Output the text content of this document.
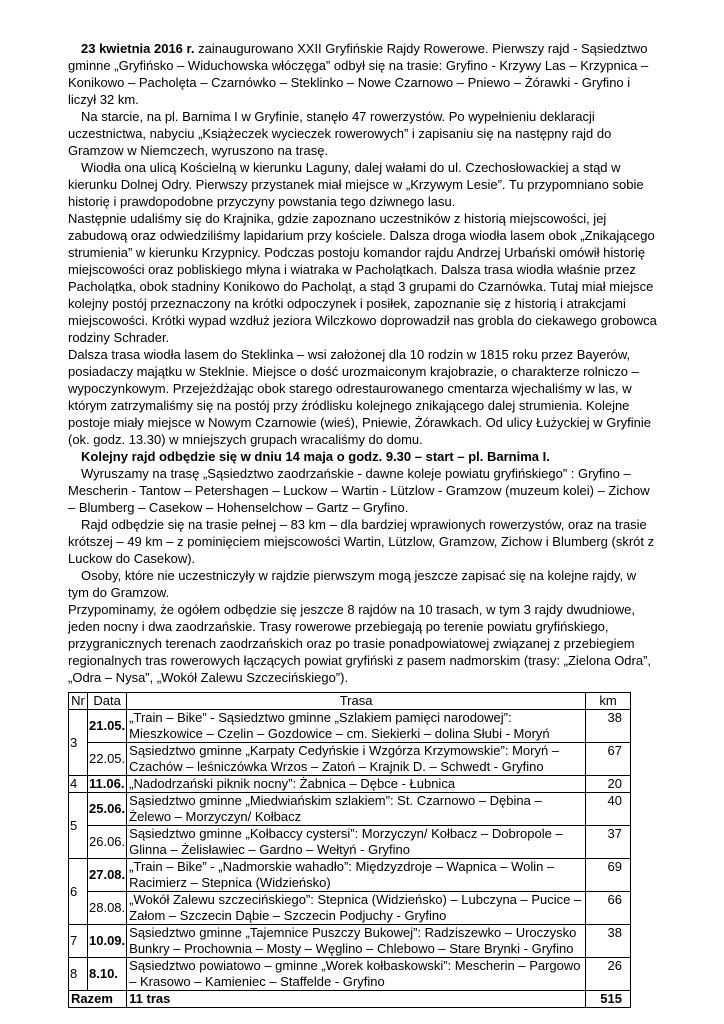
23 kwietnia 2016 r. zainaugurowano XXII Gryfińskie Rajdy Rowerowe. Pierwszy rajd - Sąsiedztwo gminne „Gryfińsko – Widuchowska włóczęga” odbył się na trasie: Gryfino - Krzywy Las – Krzypnica – Konikowo – Pacholęta – Czarnówko – Steklinko – Nowe Czarnowo – Pniewo – Żórawki - Gryfino i liczył 32 km.

Na starcie, na pl. Barnima I w Gryfinie, stanęło 47 rowerzystów. Po wypełnieniu deklaracji uczestnictwa, nabyciu „Książeczek wycieczek rowerowych” i zapisaniu się na następny rajd do Gramzow w Niemczech, wyruszono na trasę.

Wiodła ona ulicą Kościelną w kierunku Laguny, dalej wałami do ul. Czechosłowackiej a stąd w kierunku Dolnej Odry. Pierwszy przystanek miał miejsce w „Krzywym Lesie”. Tu przypomniano sobie historię i prawdopodobne przyczyny powstania tego dziwnego lasu.

Następnie udaliśmy się do Krajnika, gdzie zapoznano uczestników z historią miejscowości, jej zabudową oraz odwiedziliśmy lapidarium przy kościele. Dalsza droga wiodła lasem obok „Znikającego strumienia” w kierunku Krzypnicy. Podczas postoju komandor rajdu Andrzej Urbański omówił historię miejscowości oraz pobliskiego młyna i wiatraka w Pacholątkach. Dalsza trasa wiodła właśnie przez Pacholątka, obok stadniny Konikowo do Pacholąt, a stąd 3 grupami do Czarnówka. Tutaj miał miejsce kolejny postój przeznaczony na krótki odpoczynek i posiłek, zapoznanie się z historią i atrakcjami miejscowości. Krótki wypad wzdłuż jeziora Wilczkowo doprowadził nas grobla do ciekawego grobowca rodziny Schrader.

Dalsza trasa wiodła lasem do Steklinka – wsi założonej dla 10 rodzin w 1815 roku przez Bayerów, posiadaczy majątku w Steklnie. Miejsce o dość urozmaiconym krajobrazie, o charakterze rolniczo – wypoczynkowym. Przejeżdżając obok starego odrestaurowanego cmentarza wjechaliśmy w las, w którym zatrzymaliśmy się na postój przy źródlisku kolejnego znikającego dalej strumienia. Kolejne postoje miały miejsce w Nowym Czarnowie (wieś), Pniewie, Żórawkach. Od ulicy Łużyckiej w Gryfinie (ok. godz. 13.30) w mniejszych grupach wracaliśmy do domu.

Kolejny rajd odbędzie się w dniu 14 maja o godz. 9.30 – start – pl. Barnima I.

Wyruszamy na trasę „Sąsiedztwo zaodrzańskie - dawne koleje powiatu gryfińskiego” : Gryfino – Mescherin - Tantow – Petershagen – Luckow – Wartin - Lützlow - Gramzow (muzeum kolei) – Zichow – Blumberg – Casekow – Hohenselchow – Gartz – Gryfino.

Rajd odbędzie się na trasie pełnej – 83 km – dla bardziej wprawionych rowerzystów, oraz na trasie krótszej – 49 km – z pominięciem miejscowości Wartin, Lützlow, Gramzow, Zichow i Blumberg (skrót z Luckow do Casekow).

Osoby, które nie uczestniczyły w rajdzie pierwszym mogą jeszcze zapisać się na kolejne rajdy, w tym do Gramzow.

Przypominamy, że ogółem odbędzie się jeszcze 8 rajdów na 10 trasach, w tym 3 rajdy dwudniowe, jeden nocny i dwa zaodrzańskie. Trasy rowerowe przebiegają po terenie powiatu gryfińskiego, przygranicznych terenach zaodrzańskich oraz po trasie ponadpowiatowej związanej z przebiegiem regionalnych tras rowerowych łączących powiat gryfiński z pasem nadmorskim (trasy: „Zielona Odra”, „Odra – Nysa”, „Wokół Zalewu Szczecińskiego”).

Nr	Data	Trasa	km
3	21.05.	„Train – Bike” - Sąsiedztwo gminne „Szlakiem pamięci narodowej”: Mieszkowice – Czelin – Gozdowice – cm. Siekierki – dolina Słubi - Moryń	38
	22.05.	Sąsiedztwo gminne „Karpaty Cedyńskie i Wzgórza Krzymowskie”: Moryń – Czachów – leśniczówka Wrzos – Zatoń – Krajnik D. – Schwedt - Gryfino	67
4	11.06.	„Nadodrzański piknik nocny”: Żabnica – Dębce - Łubnica	20
5	25.06.	Sąsiedztwo gminne „Miedwiańskim szlakiem”: St. Czarnowo – Dębina – Żelewo – Morzyczyn/ Kołbacz	40
	26.06.	Sąsiedztwo gminne „Kołbaccy cystersi”: Morzyczyn/ Kołbacz – Dobropole – Glinna – Żelisławiec – Gardno – Wełtyń - Gryfino	37
6	27.08.	„Train – Bike” - „Nadmorskie wahadło”: Międzyzdroje – Wapnica – Wolin – Racimierz – Stepnica (Widzieńsko)	69
	28.08.	„Wokół Zalewu szczecińskiego”: Stepnica (Widzieńsko) – Lubczyna – Pucice – Załom – Szczecin Dąbie – Szczecin Podjuchy - Gryfino	66
7	10.09.	Sąsiedztwo gminne „Tajemnice Puszczy Bukowej”: Radziszewko – Uroczysko Bunkry – Prochownia – Mosty – Węglino – Chlebowo – Stare Brynki - Gryfino	38
8	8.10.	Sąsiedztwo powiatowo – gminne „Worek kołbaskowski”: Mescherin – Pargowo – Krasowo – Kamieniec – Staffelde - Gryfino	26
Razem		11 tras	515
